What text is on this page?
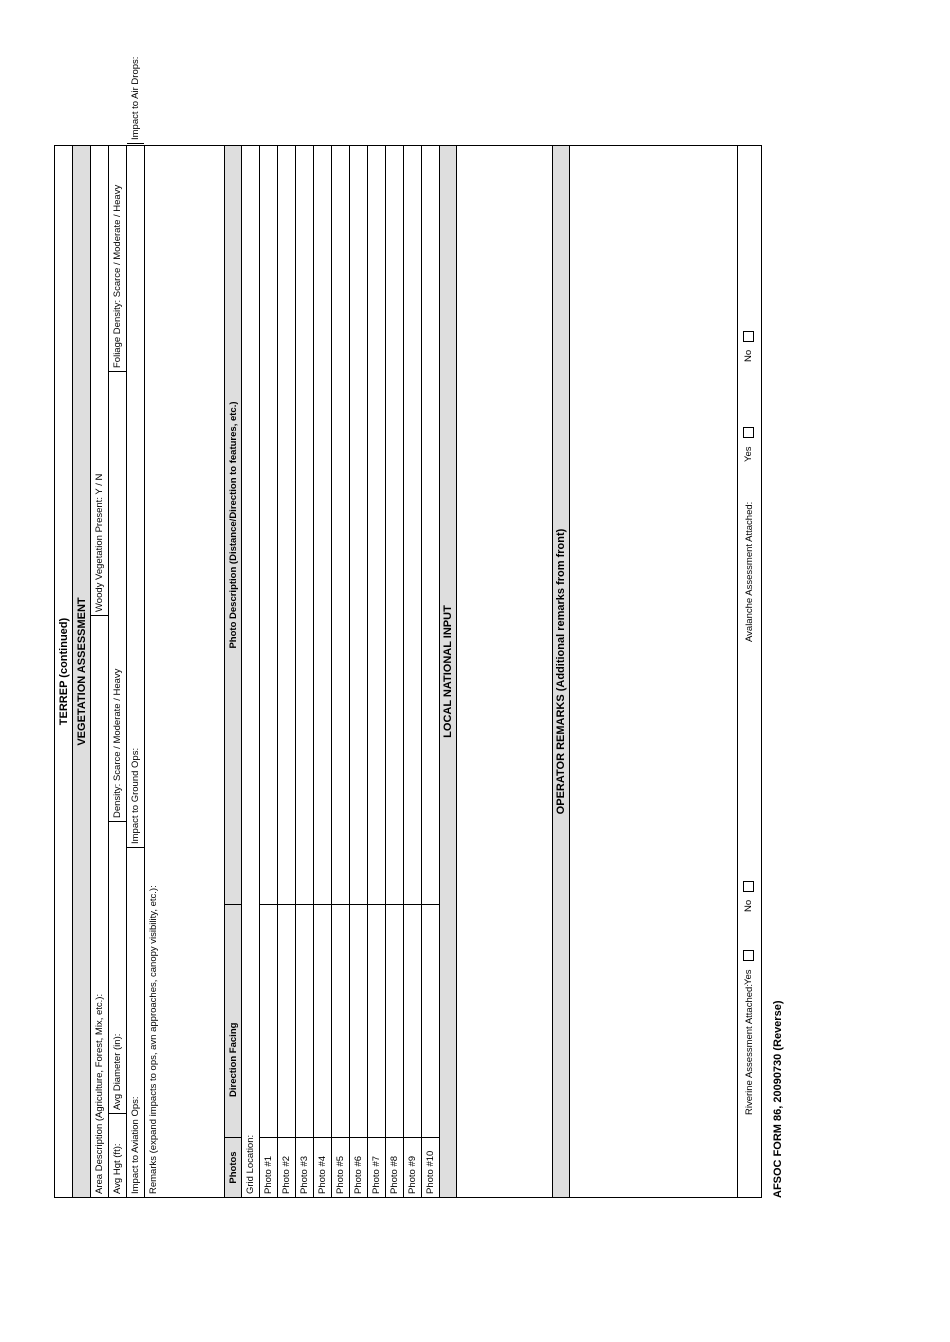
TERREP (continued) VEGETATION ASSESSMENT
Area Description (Agriculture, Forest, Mix, etc.):
Woody Vegetation Present: Y / N
Avg Hgt (ft):
Avg Diameter (in):
Density: Scarce / Moderate / Heavy
Foliage Density: Scarce / Moderate / Heavy
Impact to Aviation Ops:
Impact to Ground Ops:
Impact to Air Drops:
Remarks (expand impacts to ops, avn approaches, canopy visibility, etc.):	Photos
Direction Facing
Photo Description (Distance/Direction to features, etc.)
Grid Location: Photo #1 Photo #2 Photo #3 Photo #4 Photo #5 Photo #6 Photo #7 Photo #8 Photo #9 Photo #10
LOCAL NATIONAL INPUT	OPERATOR REMARKS (Additional remarks from front)
Riverine Assessment Attached:
Yes
No
Avalanche Assessment Attached:
Yes
No
AFSOC FORM 86, 20090730 (Reverse)
